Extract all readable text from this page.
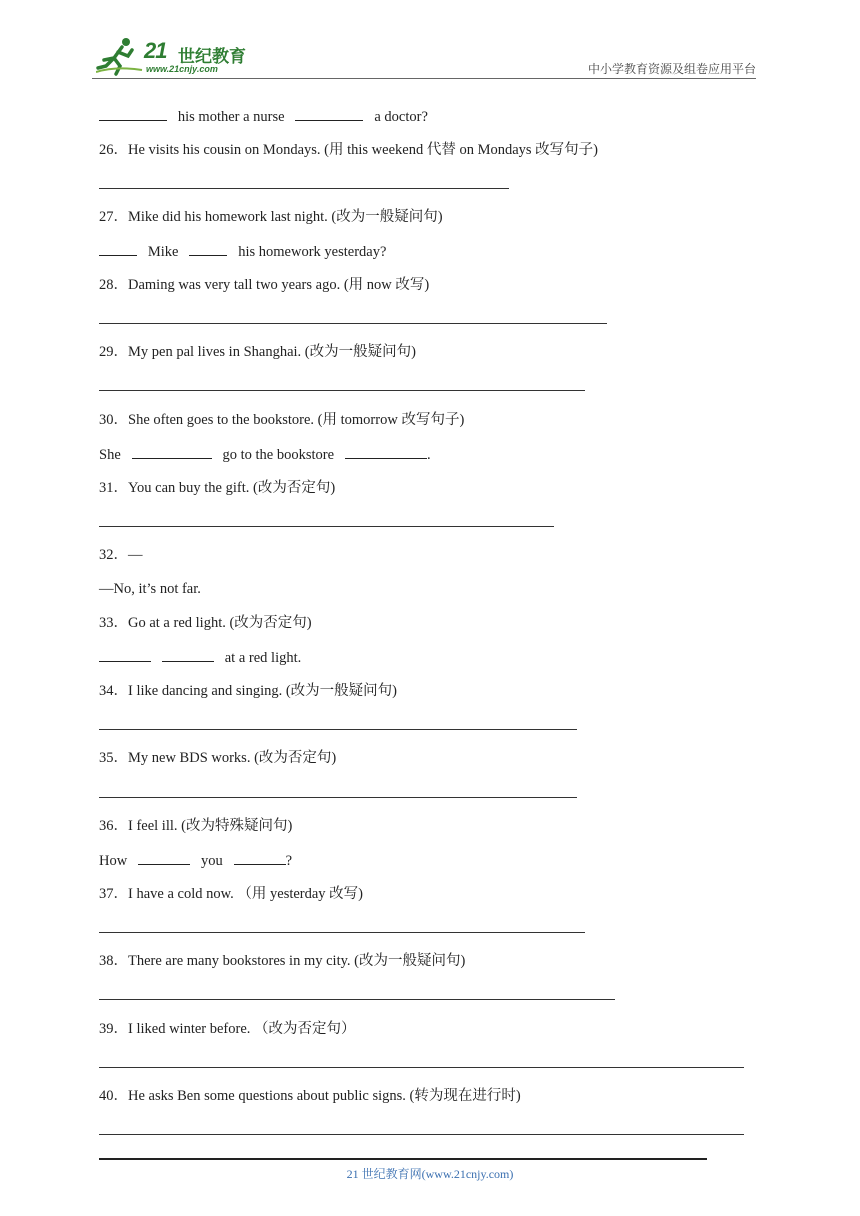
21 世纪教育
www.21cnjy.com	中小学教育资源及组卷应用平台
his mother a nurse	a doctor?
26．He visits his cousin on Mondays. (用 this weekend 代替 on Mondays 改写句子)
27．Mike did his homework last night. (改为一般疑问句)
Mike	his homework yesterday?
28．Daming was very tall two years ago. (用 now 改写)
29．My pen pal lives in Shanghai. (改为一般疑问句)
30．She often goes to the bookstore. (用 tomorrow 改写句子)
She	go to the bookstore	.
31．You can buy the gift. (改为否定句)
32．—
—No, it’s not far.
33．Go at a red light. (改为否定句)
at a red light.
34．I like dancing and singing. (改为一般疑问句)
35．My new BDS works. (改为否定句)
36．I feel ill. (改为特殊疑问句)
How	you	?
37．I have a cold now. （用 yesterday 改写)
38．There are many bookstores in my city. (改为一般疑问句)
39．I liked winter before. （改为否定句）
40．He asks Ben some questions about public signs. (转为现在进行时)
21 世纪教育网(www.21cnjy.com)
